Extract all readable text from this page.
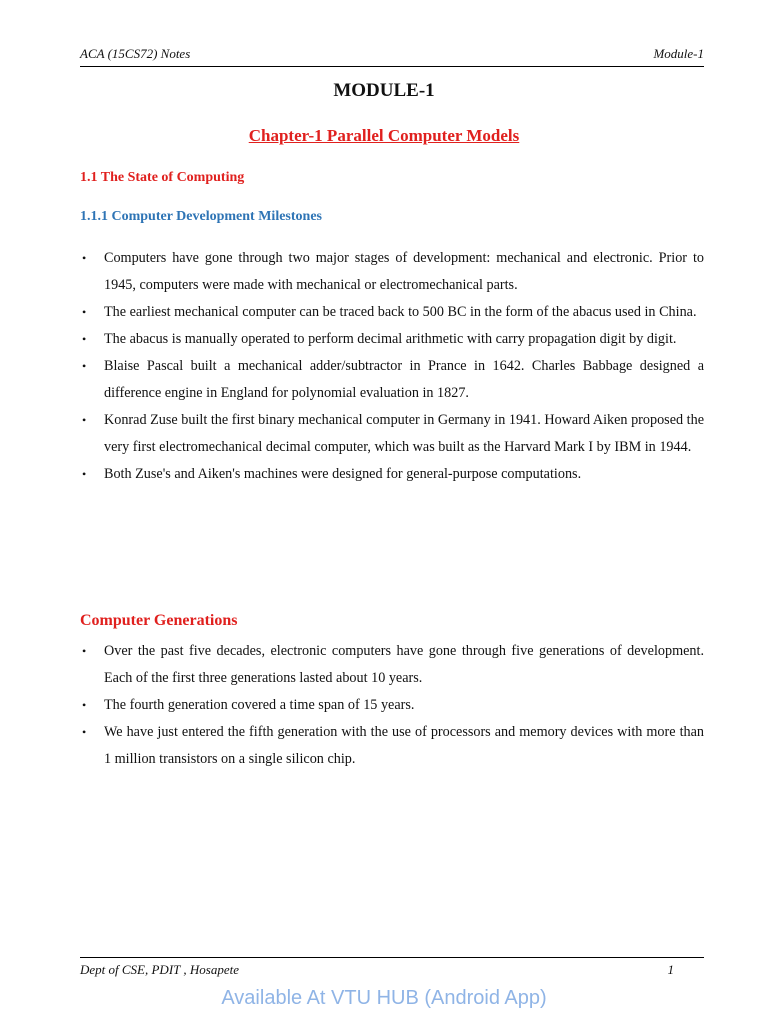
ACA (15CS72) Notes	Module-1
MODULE-1
Chapter-1 Parallel Computer Models
1.1 The State of Computing
1.1.1 Computer Development Milestones
• Computers have gone through two major stages of development: mechanical and electronic. Prior to 1945, computers were made with mechanical or electromechanical parts.
• The earliest mechanical computer can be traced back to 500 BC in the form of the abacus used in China.
• The abacus is manually operated to perform decimal arithmetic with carry propagation digit by digit.
• Blaise Pascal built a mechanical adder/subtractor in Prance in 1642. Charles Babbage designed a difference engine in England for polynomial evaluation in 1827.
• Konrad Zuse built the first binary mechanical computer in Germany in 1941. Howard Aiken proposed the very first electromechanical decimal computer, which was built as the Harvard Mark I by IBM in 1944.
• Both Zuse's and Aiken's machines were designed for general-purpose computations.
Computer Generations
• Over the past five decades, electronic computers have gone through five generations of development. Each of the first three generations lasted about 10 years.
• The fourth generation covered a time span of 15 years.
• We have just entered the fifth generation with the use of processors and memory devices with more than 1 million transistors on a single silicon chip.
Dept of CSE, PDIT , Hosapete	1
Available At VTU HUB (Android App)
